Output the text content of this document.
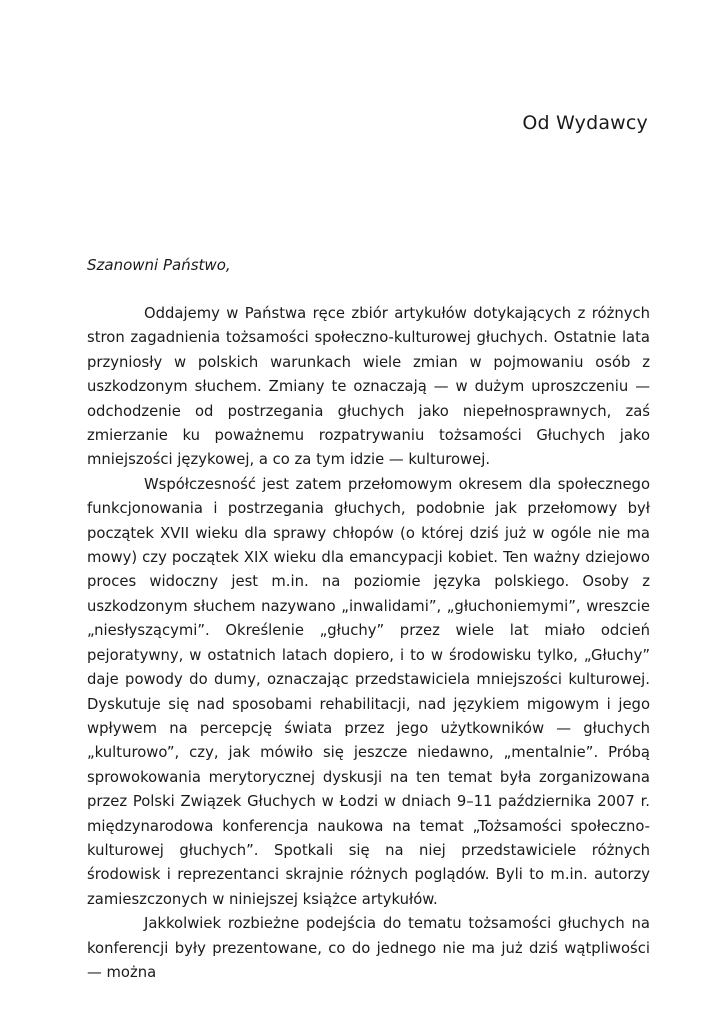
Od Wydawcy
Szanowni Państwo,

Oddajemy w Państwa ręce zbiór artykułów dotykających z różnych stron zagadnienia tożsamości społeczno-kulturowej głuchych. Ostatnie lata przyniosły w polskich warunkach wiele zmian w pojmowaniu osób z uszkodzonym słuchem. Zmiany te oznaczają — w dużym uproszczeniu — odchodzenie od postrzegania głuchych jako niepełnosprawnych, zaś zmierzanie ku poważnemu rozpatrywaniu tożsamości Głuchych jako mniejszości językowej, a co za tym idzie — kulturowej.

Współczesność jest zatem przełomowym okresem dla społecznego funkcjonowania i postrzegania głuchych, podobnie jak przełomowy był początek XVII wieku dla sprawy chłopów (o której dziś już w ogóle nie ma mowy) czy początek XIX wieku dla emancypacji kobiet. Ten ważny dziejowo proces widoczny jest m.in. na poziomie języka polskiego. Osoby z uszkodzonym słuchem nazywano „inwalidami”, „głuchoniemymi”, wreszcie „niesłyszącymi”. Określenie „głuchy” przez wiele lat miało odcień pejoratywny, w ostatnich latach dopiero, i to w środowisku tylko, „Głuchy” daje powody do dumy, oznaczając przedstawiciela mniejszości kulturowej. Dyskutuje się nad sposobami rehabilitacji, nad językiem migowym i jego wpływem na percepcję świata przez jego użytkowników — głuchych „kulturowo”, czy, jak mówiło się jeszcze niedawno, „mentalnie”. Próbą sprowokowania merytorycznej dyskusji na ten temat była zorganizowana przez Polski Związek Głuchych w Łodzi w dniach 9–11 października 2007 r. międzynarodowa konferencja naukowa na temat „Tożsamości społeczno-kulturowej głuchych”. Spotkali się na niej przedstawiciele różnych środowisk i reprezentanci skrajnie różnych poglądów. Byli to m.in. autorzy zamieszczonych w niniejszej książce artykułów.

Jakkolwiek rozbieżne podejścia do tematu tożsamości głuchych na konferencji były prezentowane, co do jednego nie ma już dziś wątpliwości — można
